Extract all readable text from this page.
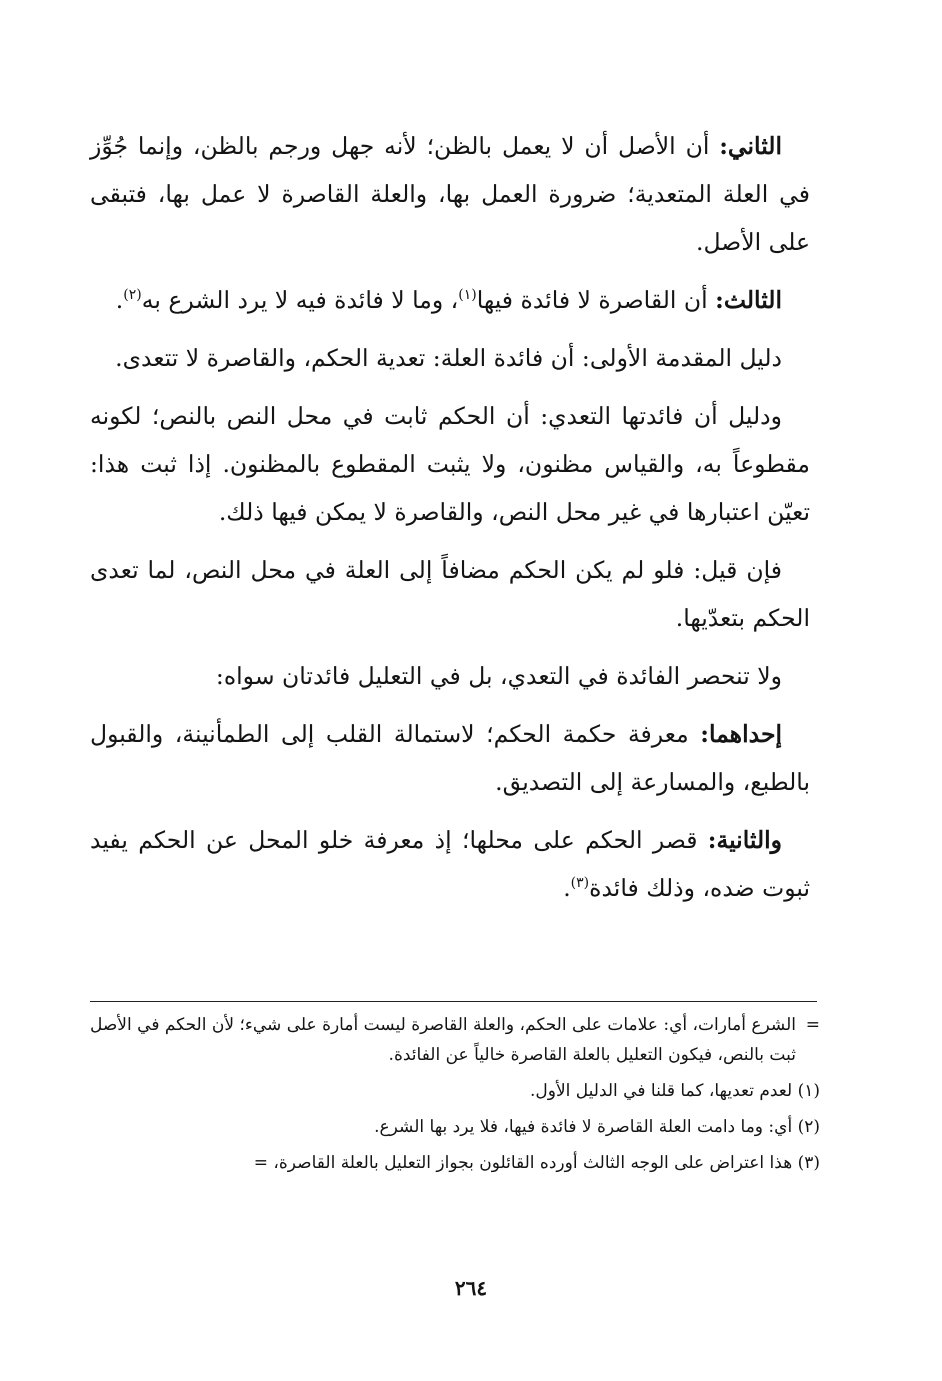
الثاني: أن الأصل أن لا يعمل بالظن؛ لأنه جهل ورجم بالظن، وإنما جُوِّز في العلة المتعدية؛ ضرورة العمل بها، والعلة القاصرة لا عمل بها، فتبقى على الأصل.

الثالث: أن القاصرة لا فائدة فيها$^{(١)}$، وما لا فائدة فيه لا يرد الشرع به$^{(٢)}$.

دليل المقدمة الأولى: أن فائدة العلة: تعدية الحكم، والقاصرة لا تتعدى.

ودليل أن فائدتها التعدي: أن الحكم ثابت في محل النص بالنص؛ لكونه مقطوعاً به، والقياس مظنون، ولا يثبت المقطوع بالمظنون. إذا ثبت هذا: تعيّن اعتبارها في غير محل النص، والقاصرة لا يمكن فيها ذلك.

فإن قيل: فلو لم يكن الحكم مضافاً إلى العلة في محل النص، لما تعدى الحكم بتعدّيها.

ولا تنحصر الفائدة في التعدي، بل في التعليل فائدتان سواه:

إحداهما: معرفة حكمة الحكم؛ لاستمالة القلب إلى الطمأنينة، والقبول بالطبع، والمسارعة إلى التصديق.

والثانية: قصر الحكم على محلها؛ إذ معرفة خلو المحل عن الحكم يفيد ثبوت ضده، وذلك فائدة$^{(٣)}$.

=
الشرع أمارات، أي: علامات على الحكم، والعلة القاصرة ليست أمارة على شيء؛ لأن الحكم في الأصل ثبت بالنص، فيكون التعليل بالعلة القاصرة خالياً عن الفائدة.

(١) لعدم تعديها، كما قلنا في الدليل الأول.

(٢) أي: وما دامت العلة القاصرة لا فائدة فيها، فلا يرد بها الشرع.

(٣) هذا اعتراض على الوجه الثالث أورده القائلون بجواز التعليل بالعلة القاصرة، =

٢٦٤
